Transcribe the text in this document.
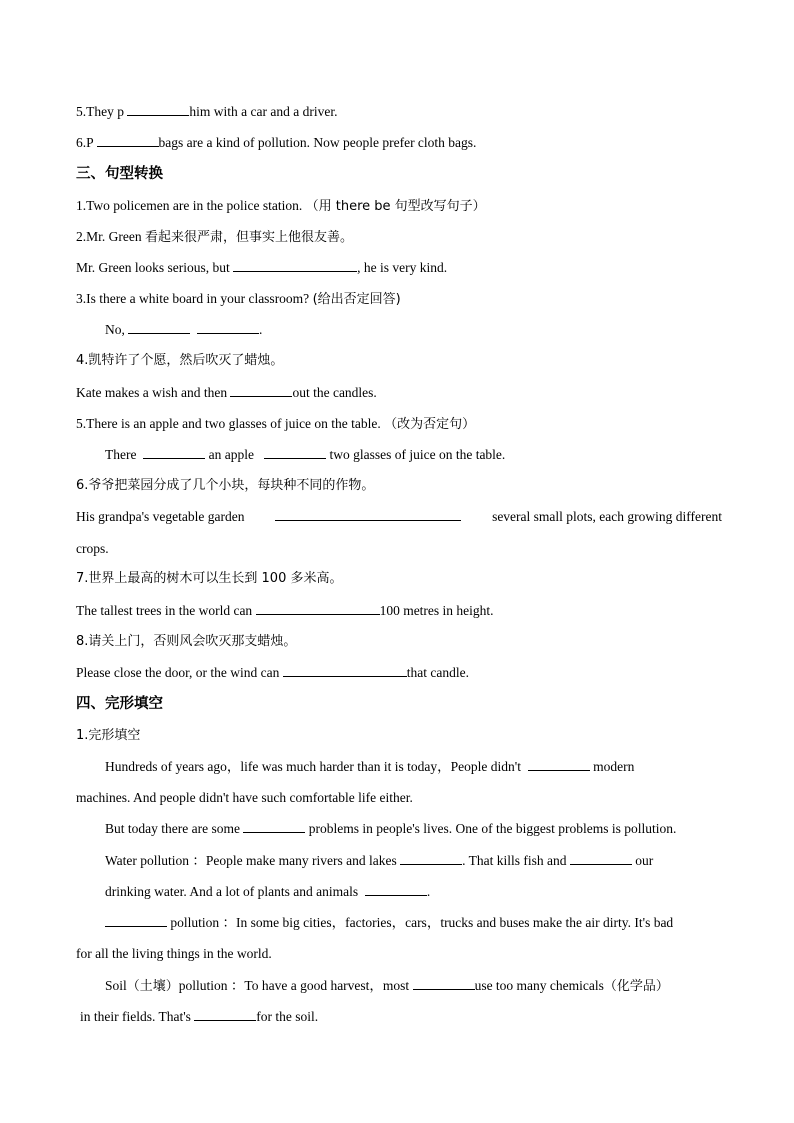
5.They p	him with a car and a driver.
6.P	bags are a kind of pollution. Now people prefer cloth bags.
三、句型转换
1.Two policemen are in the police station. （用 there be 句型改写句子）
2.Mr. Green 看起来很严肃，但事实上他很友善。
Mr. Green looks serious, but	, he is very kind.
3.Is there a white board in your classroom? (给出否定回答)
No,	.
4.凯特许了个愿，然后吹灭了蜡烛。
Kate makes a wish and then	out the candles.
5.There is an apple and two glasses of juice on the table. （改为否定句）
There	an apple	two glasses of juice on the table.
6.爷爷把菜园分成了几个小块，每块种不同的作物。
His grandpa's vegetable garden	several small plots, each growing different
crops.
7.世界上最高的树木可以生长到 100 多米高。
The tallest trees in the world can	100 metres in height.
8.请关上门，否则风会吹灭那支蜡烛。
Please close the door, or the wind can	that candle.
四、完形填空
1.完形填空
Hundreds of years ago，life was much harder than it is today，People didn't	modern
machines. And people didn't have such comfortable life either.
But today there are some	problems in people's lives. One of the biggest problems is pollution.
Water pollution ：People make many rivers and lakes	. That kills fish and	our
drinking water. And a lot of plants and animals	.
pollution ：In some big cities，factories，cars，trucks and buses make the air dirty. It's bad
for all the living things in the world.
Soil（土壤）pollution ：To have a good harvest，most	use too many chemicals（化学品）
in their fields. That's	for the soil.
